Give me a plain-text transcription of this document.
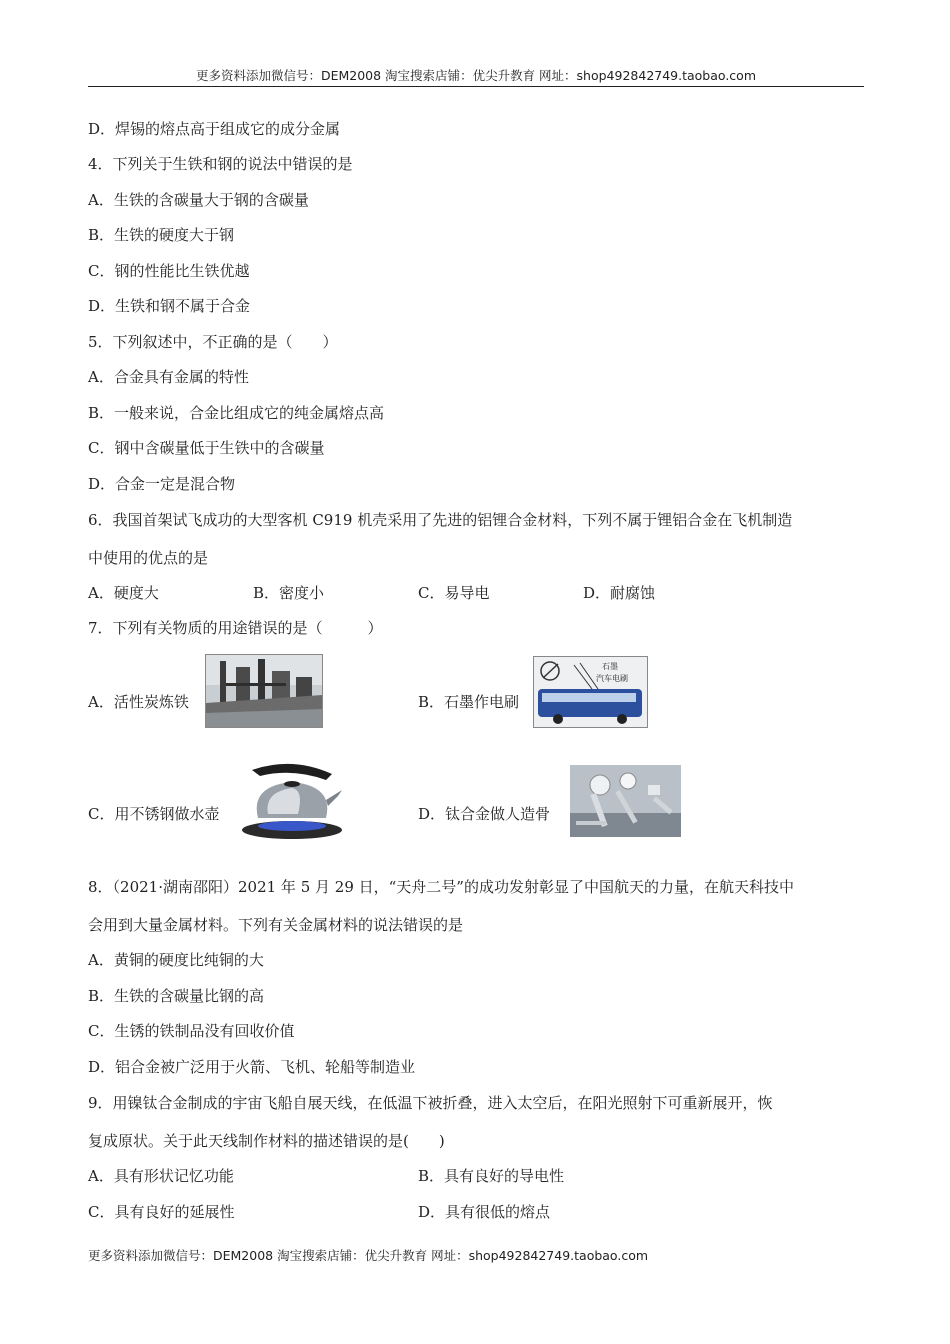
更多资料添加微信号：DEM2008 淘宝搜索店铺：优尖升教育 网址：shop492842749.taobao.com
D．焊锡的熔点高于组成它的成分金属
4．下列关于生铁和钢的说法中错误的是
A．生铁的含碳量大于钢的含碳量
B．生铁的硬度大于钢
C．钢的性能比生铁优越
D．生铁和钢不属于合金
5．下列叙述中，不正确的是（　　）
A．合金具有金属的特性
B．一般来说，合金比组成它的纯金属熔点高
C．钢中含碳量低于生铁中的含碳量
D．合金一定是混合物
6．我国首架试飞成功的大型客机 C919 机壳采用了先进的铝锂合金材料，下列不属于锂铝合金在飞机制造
中使用的优点的是
A．硬度大	B．密度小	C．易导电	D．耐腐蚀
7．下列有关物质的用途错误的是（　　　）
A．活性炭炼铁	B．石墨作电刷
石墨
汽车电刷
C．用不锈钢做水壶	D．钛合金做人造骨
8．（2021·湖南邵阳）2021 年 5 月 29 日，“天舟二号”的成功发射彰显了中国航天的力量，在航天科技中
会用到大量金属材料。下列有关金属材料的说法错误的是
A．黄铜的硬度比纯铜的大
B．生铁的含碳量比钢的高
C．生锈的铁制品没有回收价值
D．铝合金被广泛用于火箭、飞机、轮船等制造业
9．用镍钛合金制成的宇宙飞船自展天线，在低温下被折叠，进入太空后，在阳光照射下可重新展开，恢
复成原状。关于此天线制作材料的描述错误的是(　　)
A．具有形状记忆功能	B．具有良好的导电性
C．具有良好的延展性	D．具有很低的熔点
更多资料添加微信号：DEM2008 淘宝搜索店铺：优尖升教育 网址：shop492842749.taobao.com
